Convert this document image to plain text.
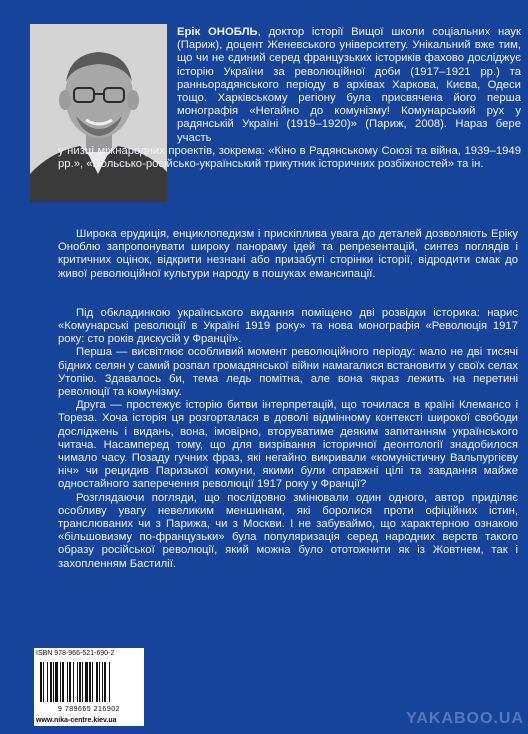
Ерік ОНОБЛЬ, доктор історії Вищої школи соціальних наук (Париж), доцент Женевського університету. Унікальний вже тим, що чи не єдиний серед французьких істориків фахово досліджує історію України за революційної доби (1917–1921 рр.) та ранньорадянського періоду в архівах Харкова, Києва, Одеси тощо. Харківському регіону була присвячена його перша монографія «Негайно до комунізму! Комунарський рух у радянській Україні (1919–1920)» (Париж, 2008). Нараз бере участь
у низці міжнародних проектів, зокрема: «Кіно в Радянському Союзі та війна, 1939–1949 рр.», «Польсько-російсько-український трикутник історичних розбіжностей» та ін.

Широка ерудиція, енциклопедизм і прискіплива увага до деталей дозволяють Еріку Оноблю запропонувати широку панораму ідей та репрезентацій, синтез поглядів і критичних оцінок, відкрити незнані або призабуті сторінки історії, відродити смак до живої революційної культури народу в пошуках емансипації.

Під обкладинкою українського видання поміщено дві розвідки історика: нарис «Комунарські революції в Україні 1919 року» та нова монографія «Революція 1917 року: сто років дискусій у Франції».

Перша — висвітлює особливий момент революційного періоду: мало не дві тисячі бідних селян у самий розпал громадянської війни намагалися встановити у своїх селах Утопію. Здавалось би, тема ледь помітна, але вона якраз лежить на перетині революції та комунізму.

Друга — простежує історію битви інтерпретацій, що точилася в країні Клемансо і Тореза. Хоча історія ця розгорталася в доволі відмінному контексті широкої свободи досліджень і видань, вона, імовірно, вторуватиме деяким запитанням українського читача. Насамперед тому, що для визрівання історичної деонтології знадобилося чимало часу. Позаду гучних фраз, які негайно викривали «комуністичну Вальпургієву ніч» чи рецидив Паризької комуни, якими були справжні цілі та завдання майже одностайного заперечення революції 1917 року у Франції?

Розглядаючи погляди, що послідовно змінювали один одного, автор приділяє особливу увагу невеликим меншинам, які боролися проти офіційних істин, транслюваних чи з Парижа, чи з Москви. І не забуваймо, що характерною ознакою «більшовизму по-французьки» була популяризація серед народних верств такого образу російської революції, який можна було ототожнити як із Жовтнем, так і захопленням Бастилії.

ISBN 978-966-521-690-2
9 789665 216902
www.nika-centre.kiev.ua	YAKABOO.UA
